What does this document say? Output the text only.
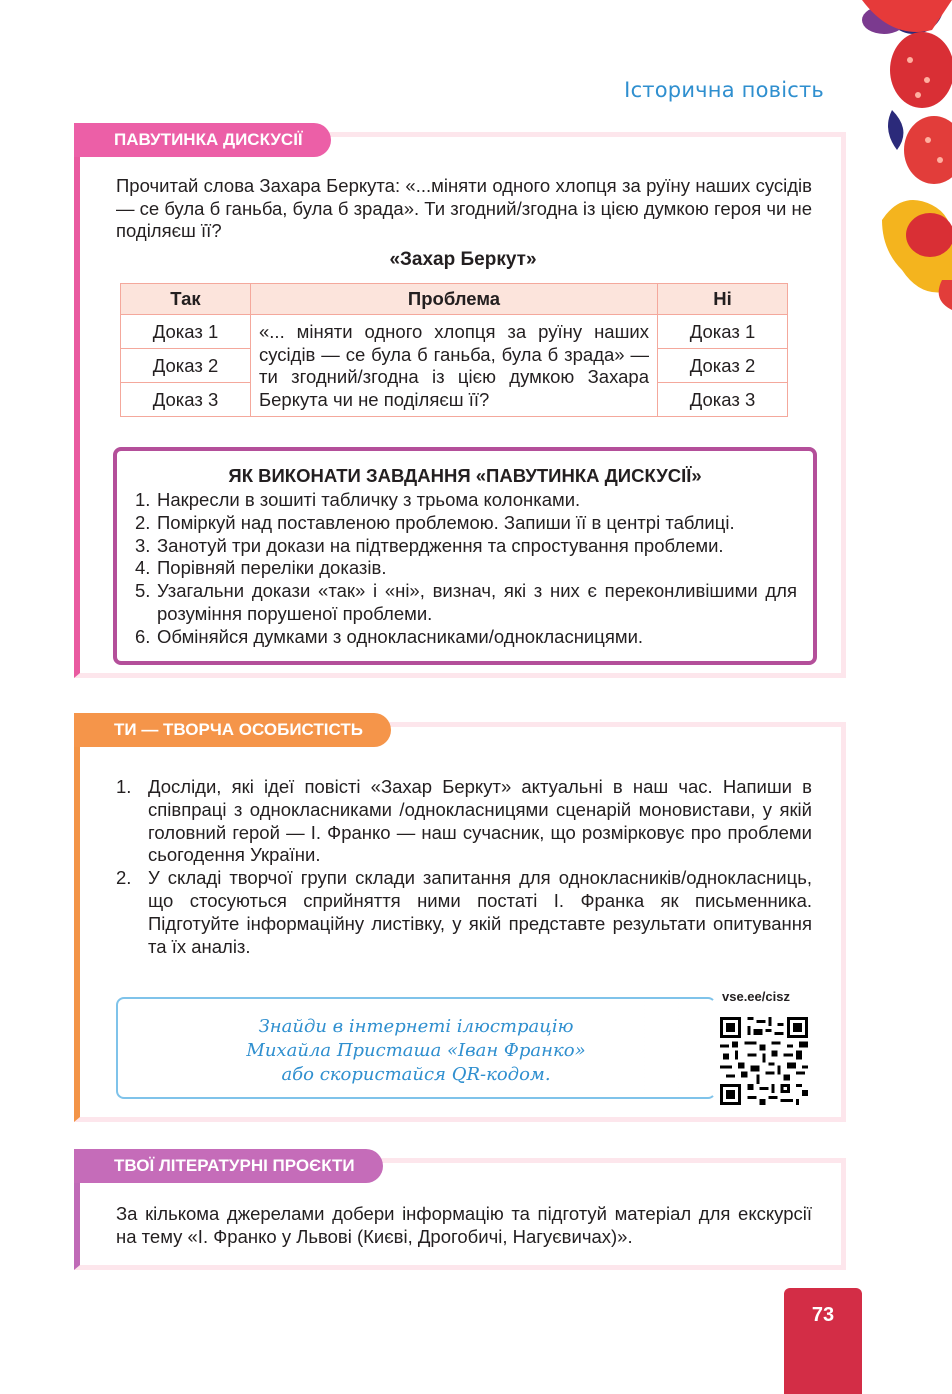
Історична повість
ПАВУТИНКА ДИСКУСІЇ

Прочитай слова Захара Беркута: «...міняти одного хлопця за руїну наших сусідів — се була б ганьба, була б зрада». Ти згодний/згодна із цією думкою героя чи не поділяєш її?

«Захар Беркут»
Так	Проблема	Ні
Доказ 1	«... міняти одного хлопця за руїну наших сусідів — се була б ганьба, була б зрада» — ти згодний/згодна із цією думкою Захара Беркута чи не поділяєш її?	Доказ 1
Доказ 2		Доказ 2
Доказ 3		Доказ 3
ЯК ВИКОНАТИ ЗАВДАННЯ «ПАВУТИНКА ДИСКУСІЇ»
1. Накресли в зошиті табличку з трьома колонками.
2. Поміркуй над поставленою проблемою. Запиши її в центрі таблиці.
3. Занотуй три докази на підтвердження та спростування проблеми.
4. Порівняй переліки доказів.
5. Узагальни докази «так» і «ні», визнач, які з них є переконливішими для розуміння порушеної проблеми.
6. Обміняйся думками з однокласниками/однокласницями.
ТИ — ТВОРЧА ОСОБИСТІСТЬ
1. Досліди, які ідеї повісті «Захар Беркут» актуальні в наш час. Напиши в співпраці з однокласниками /однокласницями сценарій моновистави, у якій головний герой — І. Франко — наш сучасник, що розмірковує про проблеми сьогодення України.
2. У складі творчої групи склади запитання для однокласників/однокласниць, що стосуються сприйняття ними постаті І. Франка як письменника. Підготуйте інформаційну листівку, у якій представте результати опитування та їх аналіз.
Знайди в інтернеті ілюстрацію
Михайла Присташа «Іван Франко»
або скористайся QR-кодом.
vse.ee/cisz
ТВОЇ ЛІТЕРАТУРНІ ПРОЄКТИ

За кількома джерелами добери інформацію та підготуй матеріал для екскурсії на тему «І. Франко у Львові (Києві, Дрогобичі, Нагуєвичах)».

73
